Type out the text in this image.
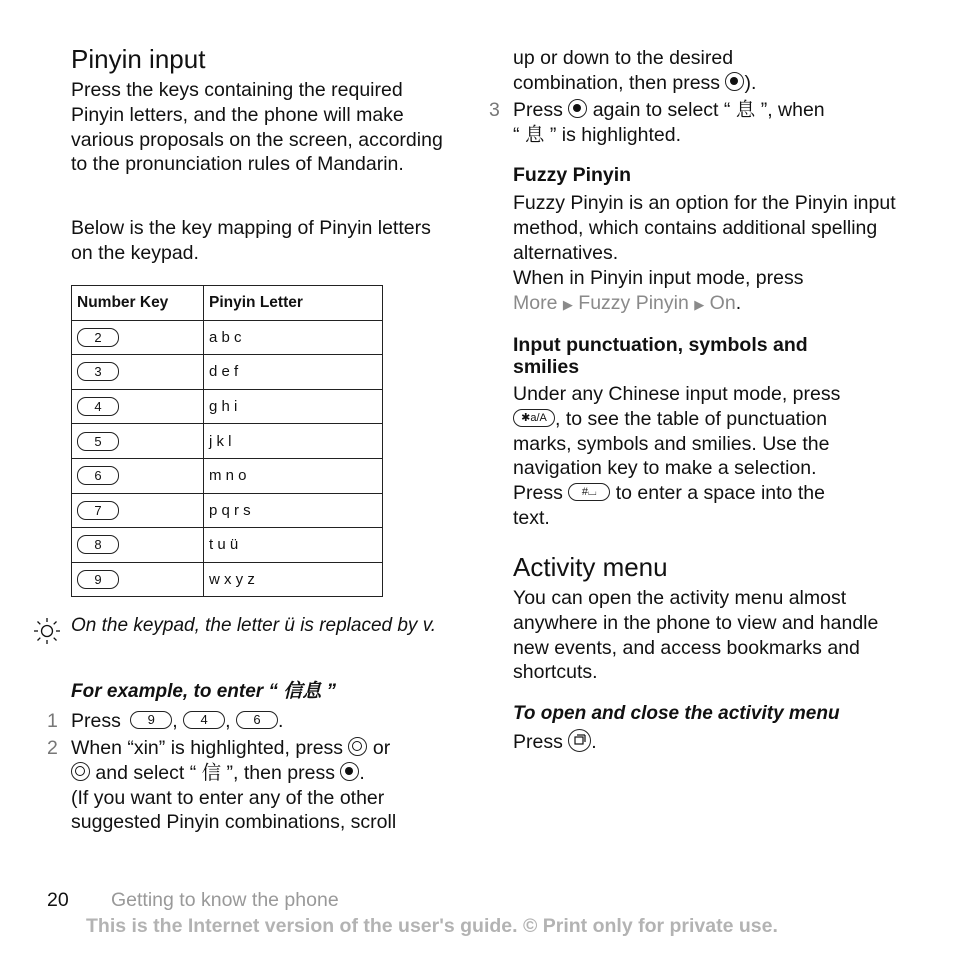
Pinyin input

Press the keys containing the required Pinyin letters, and the phone will make various proposals on the screen, according to the pronunciation rules of Mandarin.

Below is the key mapping of Pinyin letters on the keypad.

Number Key	Pinyin Letter
2	a b c
3	d e f
4	g h i
5	j k l
6	m n o
7	p q r s
8	t u ü
9	w x y z

On the keypad, the letter ü is replaced by v.

For example, to enter “ 信息 ”

1 Press 9 , 4 , 6 .
2 When “xin” is highlighted, press or

and select “ 信 ”, then press .
(If you want to enter any of the other suggested Pinyin combinations, scroll
up or down to the desired
combination, then press ).
3 Press again to select “ 息 ”, when
“ 息 ” is highlighted.

Fuzzy Pinyin

Fuzzy Pinyin is an option for the Pinyin input method, which contains additional spelling alternatives.

When in Pinyin input mode, press

More ▶ Fuzzy Pinyin ▶ On.

Input punctuation, symbols and smilies

Under any Chinese input mode, press
✱a/A , to see the table of punctuation
marks, symbols and smilies. Use the
navigation key to make a selection.
Press #⌴ to enter a space into the
text.
Activity menu

You can open the activity menu almost anywhere in the phone to view and handle new events, and access bookmarks and shortcuts.

To open and close the activity menu

Press .

20 Getting to know the phone
This is the Internet version of the user's guide. © Print only for private use.
